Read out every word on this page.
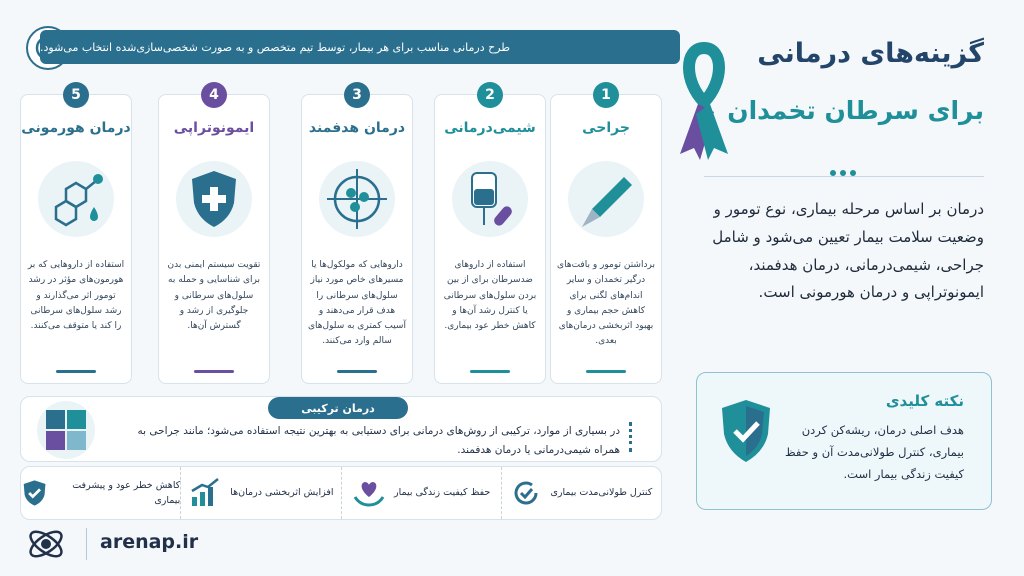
طرح درمانی مناسب برای هر بیمار، توسط تیم متخصص و به صورت شخصی‌سازی‌شده انتخاب می‌شود.
1
جراحی
برداشتن تومور و بافت‌های درگیر تخمدان و سایر اندام‌های لگنی برای کاهش حجم بیماری و بهبود اثربخشی درمان‌های بعدی.
2
شیمی‌درمانی
استفاده از داروهای ضدسرطان برای از بین بردن سلول‌های سرطانی یا کنترل رشد آن‌ها و کاهش خطر عود بیماری.
3
درمان هدفمند
داروهایی که مولکول‌ها یا مسیرهای خاص مورد نیاز سلول‌های سرطانی را هدف قرار می‌دهند و آسیب کمتری به سلول‌های سالم وارد می‌کنند.
4
ایمونوتراپی
تقویت سیستم ایمنی بدن برای شناسایی و حمله به سلول‌های سرطانی و جلوگیری از رشد و گسترش آن‌ها.
5
درمان هورمونی
استفاده از داروهایی که بر هورمون‌های مؤثر در رشد تومور اثر می‌گذارند و رشد سلول‌های سرطانی را کند یا متوقف می‌کنند.
گزینه‌های درمانی
برای سرطان تخمدان
درمان بر اساس مرحله بیماری، نوع تومور و وضعیت سلامت بیمار تعیین می‌شود و شامل جراحی، شیمی‌درمانی، درمان هدفمند، ایمونوتراپی و درمان هورمونی است.
نکته کلیدی
هدف اصلی درمان، ریشه‌کن کردن بیماری، کنترل طولانی‌مدت آن و حفظ کیفیت زندگی بیمار است.
درمان ترکیبی
در بسیاری از موارد، ترکیبی از روش‌های درمانی برای دستیابی به بهترین نتیجه استفاده می‌شود؛ مانند جراحی به همراه شیمی‌درمانی یا درمان هدفمند.
کنترل طولانی‌مدت بیماری
حفظ کیفیت زندگی بیمار
افزایش اثربخشی درمان‌ها
کاهش خطر عود و پیشرفت بیماری
arenap.ir
